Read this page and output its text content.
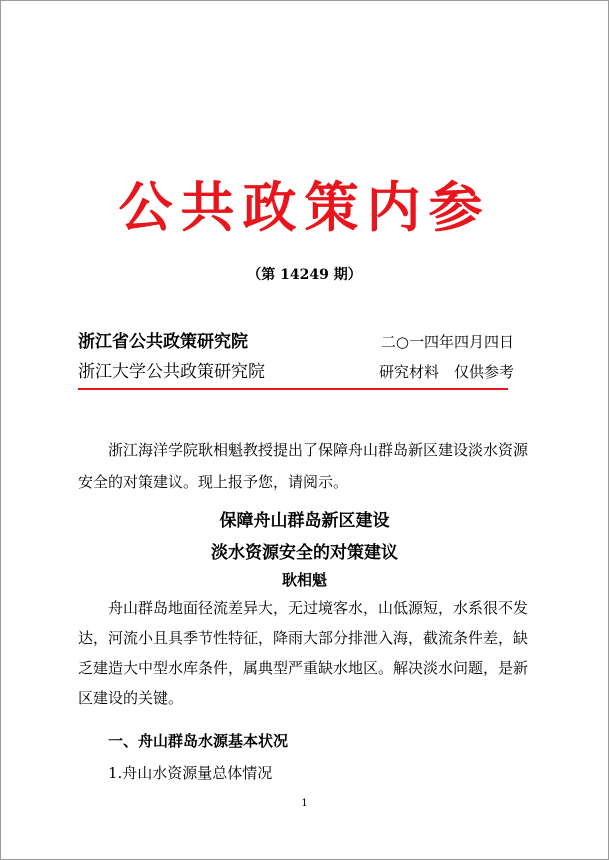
公共政策内参
（第 14249 期）
浙江省公共政策研究院	二○一四年四月四日
浙江大学公共政策研究院	研究材料　仅供参考
浙江海洋学院耿相魁教授提出了保障舟山群岛新区建设淡水资源安全的对策建议。现上报予您，请阅示。
保障舟山群岛新区建设
淡水资源安全的对策建议
耿相魁
舟山群岛地面径流差异大，无过境客水，山低源短，水系很不发达，河流小且具季节性特征，降雨大部分排泄入海，截流条件差，缺乏建造大中型水库条件，属典型严重缺水地区。解决淡水问题，是新区建设的关键。
一、舟山群岛水源基本状况
1.舟山水资源量总体情况
1
